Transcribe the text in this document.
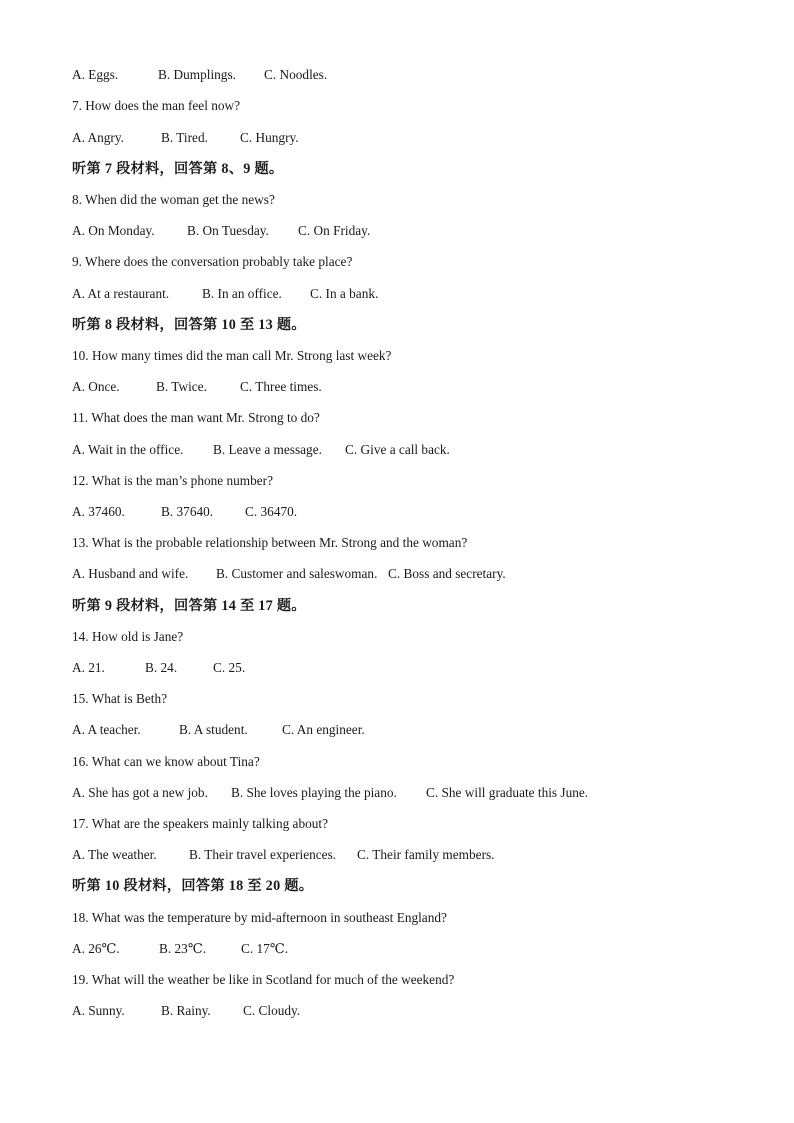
A. Eggs.	B. Dumplings. C. Noodles.
7. How does the man feel now?
A. Angry.	B. Tired. C. Hungry.
听第 7 段材料，回答第 8、9 题。
8. When did the woman get the news?
A. On Monday. B. On Tuesday. C. On Friday.
9. Where does the conversation probably take place?
A. At a restaurant. B. In an office. C. In a bank.
听第 8 段材料，回答第 10 至 13 题。
10. How many times did the man call Mr. Strong last week?
A. Once.	B. Twice. C. Three times.
11. What does the man want Mr. Strong to do?
A. Wait in the office. B. Leave a message. C. Give a call back.
12. What is the man’s phone number?
A. 37460.	B. 37640. C. 36470.
13. What is the probable relationship between Mr. Strong and the woman?
A. Husband and wife. B. Customer and saleswoman. C. Boss and secretary.
听第 9 段材料，回答第 14 至 17 题。
14. How old is Jane?
A. 21.	B. 24.	C. 25.
15. What is Beth?
A. A teacher.	B. A student.	C. An engineer.
16. What can we know about Tina?
A. She has got a new job. B. She loves playing the piano. C. She will graduate this June.
17. What are the speakers mainly talking about?
A. The weather. B. Their travel experiences. C. Their family members.
听第 10 段材料，回答第 18 至 20 题。
18. What was the temperature by mid-afternoon in southeast England?
A. 26℃.	B. 23℃.	C. 17℃.
19. What will the weather be like in Scotland for much of the weekend?
A. Sunny.	B. Rainy. C. Cloudy.
